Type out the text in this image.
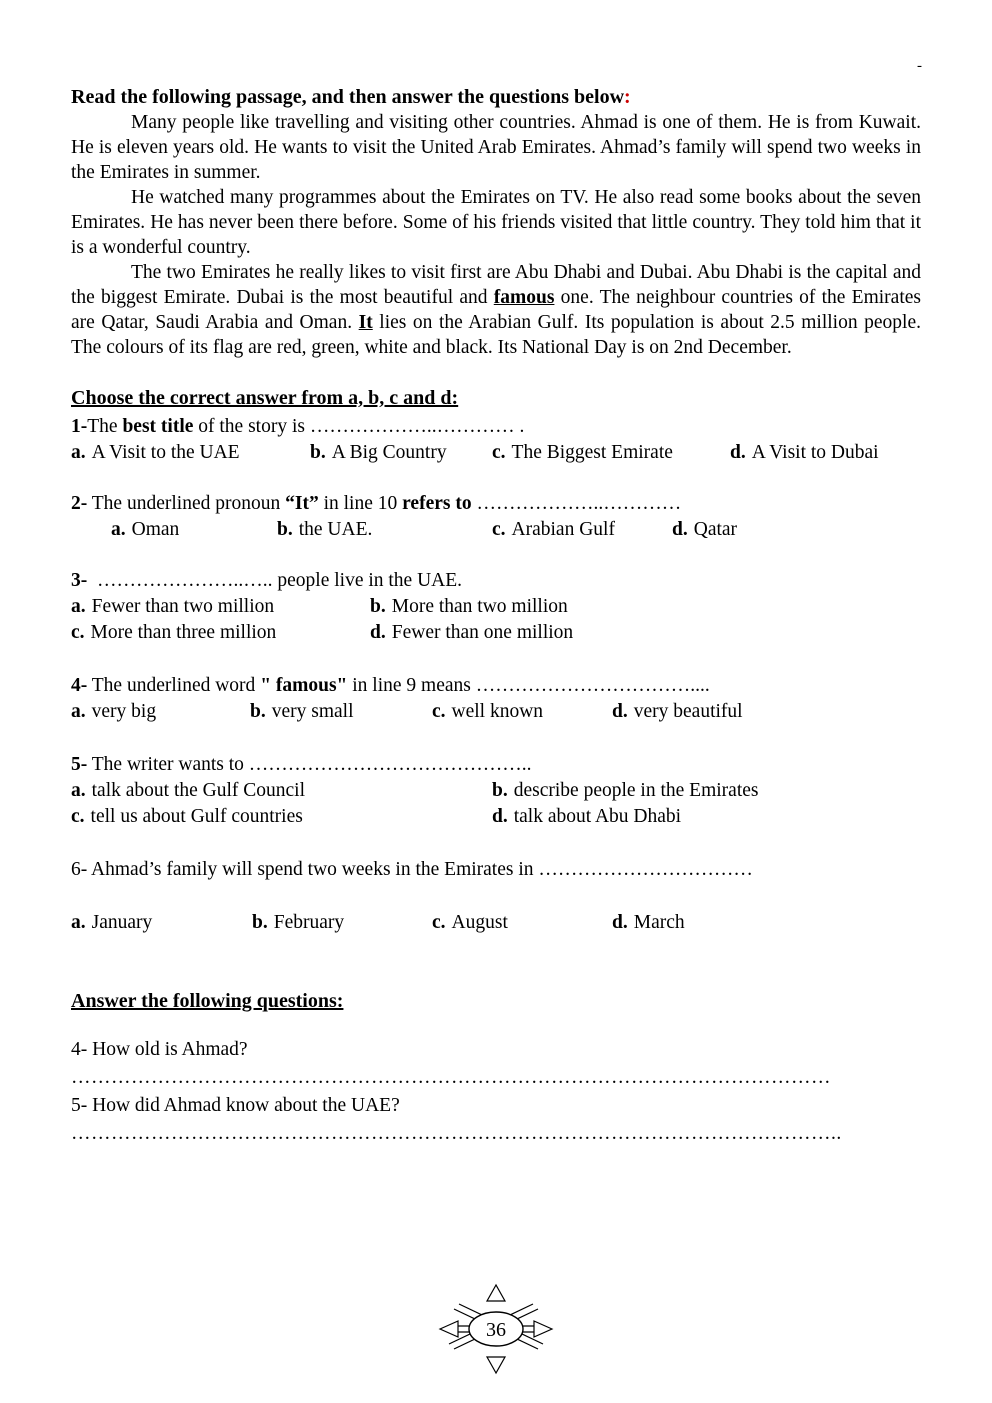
-
Read the following passage, and then answer the questions below:

Many people like travelling and visiting other countries. Ahmad is one of them. He is from Kuwait. He is eleven years old. He wants to visit the United Arab Emirates. Ahmad’s family will spend two weeks in the Emirates in summer.

He watched many programmes about the Emirates on TV. He also read some books about the seven Emirates. He has never been there before. Some of his friends visited that little country. They told him that it is a wonderful country.

The two Emirates he really likes to visit first are Abu Dhabi and Dubai. Abu Dhabi is the capital and the biggest Emirate. Dubai is the most beautiful and famous one. The neighbour countries of the Emirates are Qatar, Saudi Arabia and Oman. It lies on the Arabian Gulf. Its population is about 2.5 million people. The colours of its flag are red, green, white and black. Its National Day is on 2nd December.

Choose the correct answer from a, b, c and d:
1-The best title of the story is ………………..………… .
a. A Visit to the UAE	b. A Big Country	c. The Biggest Emirate	d. A Visit to Dubai
2- The underlined pronoun “It” in line 10 refers to ………………..…………
a. Oman	b. the UAE.	c. Arabian Gulf	d. Qatar
3-  …………………..….. people live in the UAE.
a. Fewer than two million	b. More than two million
c. More than three million	d. Fewer than one million
4- The underlined word " famous" in line 9 means ……………………………....
a. very big	b. very small	c. well known	d. very beautiful
5- The writer wants to ……………………………………..
a. talk about the Gulf Council	b. describe people in the Emirates
c. tell us about Gulf countries	d. talk about Abu Dhabi
6- Ahmad’s family will spend two weeks in the Emirates in ……………………………
a. January	b. February	c. August	d. March
Answer the following questions:
4- How old is Ahmad?
……………………………………………………………………………………………………
5- How did Ahmad know about the UAE?
……………………………………………………………………………………………………..
36
